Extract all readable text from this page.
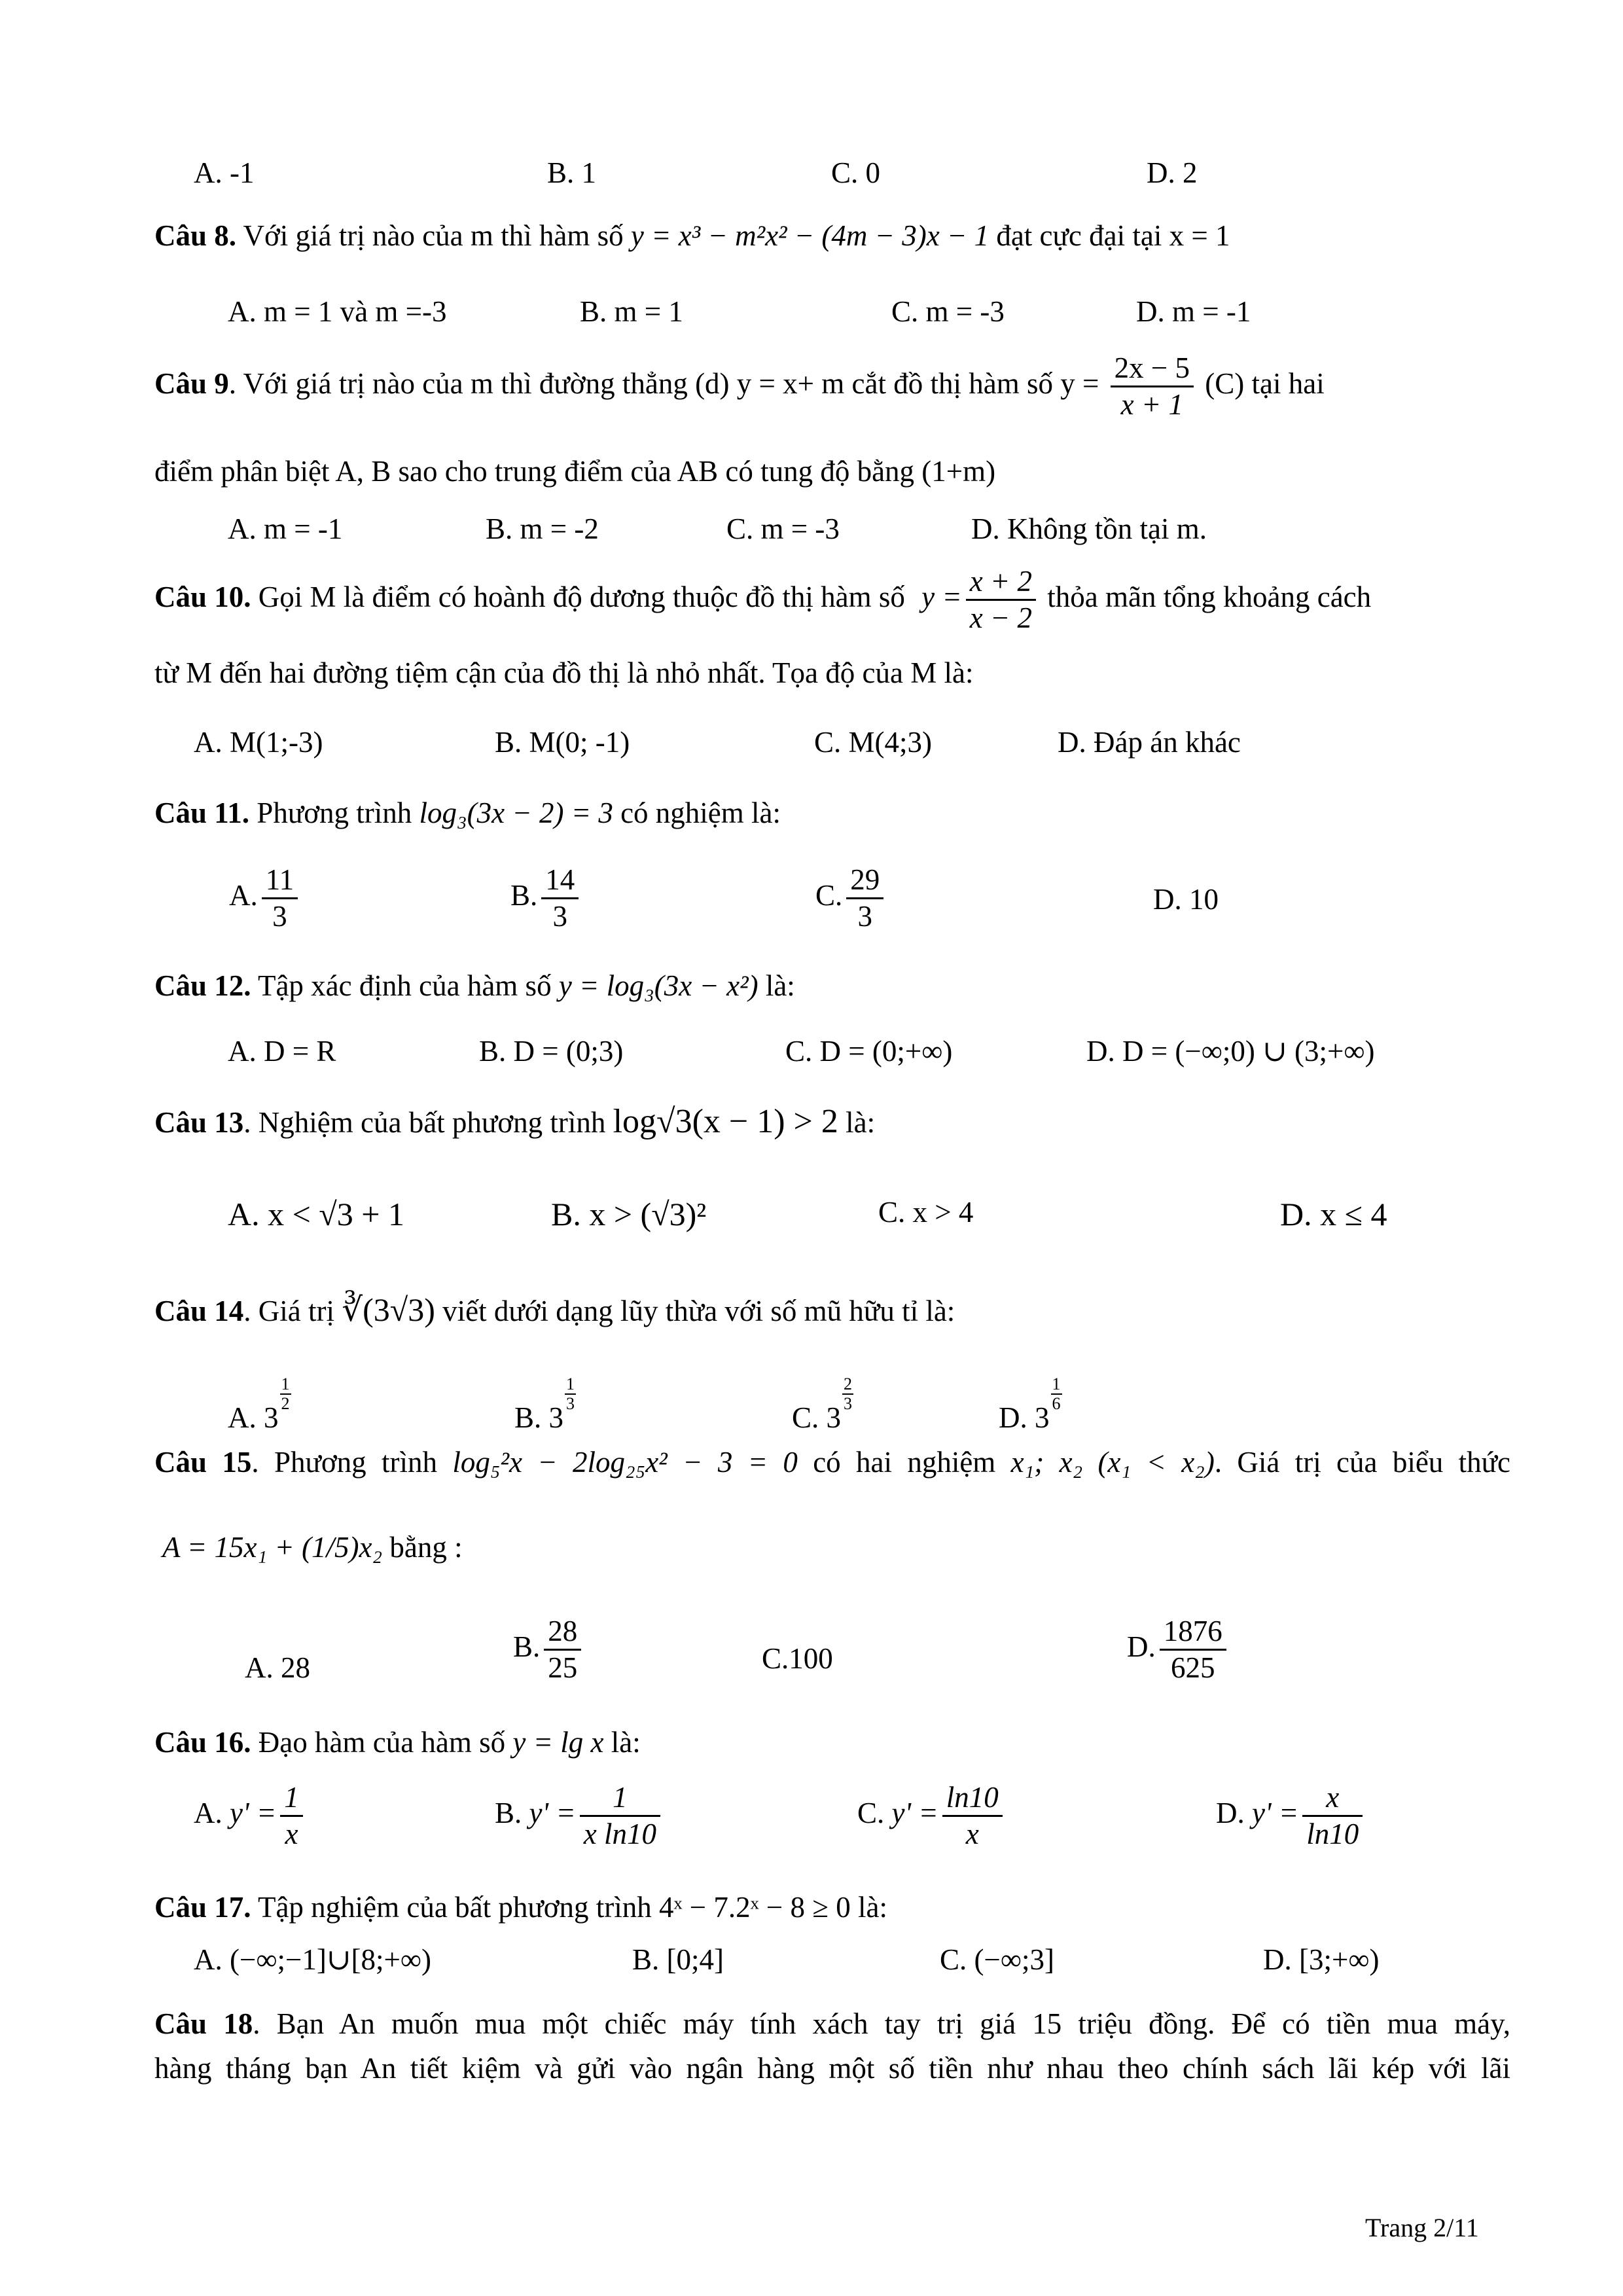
A. -1	B. 1	C. 0	D. 2
Câu 8. Với giá trị nào của m thì hàm số y = x³ − m²x² − (4m − 3)x − 1 đạt cực đại tại x = 1
A. m = 1 và m =-3	B. m = 1	C. m = -3	D. m = -1
Câu 9. Với giá trị nào của m thì đường thẳng (d) y = x+ m cắt đồ thị hàm số $y = \frac{2x - 5}{x + 1} (C)$ tại hai
điểm phân biệt A, B sao cho trung điểm của AB có tung độ bằng (1+m)
A. m = -1	B. m = -2	C. m = -3	D. Không tồn tại m.
Câu 10. Gọi M là điểm có hoành độ dương thuộc đồ thị hàm số $y = \frac{x + 2}{x - 2}$ thỏa mãn tổng khoảng cách
từ M đến hai đường tiệm cận của đồ thị là nhỏ nhất. Tọa độ của M là:
A. M(1;-3)	B. M(0; -1)	C. M(4;3)	D. Đáp án khác
Câu 11. Phương trình log₃(3x − 2) = 3 có nghiệm là:
A. $\frac{11}{3}$	B. $\frac{14}{3}$	C. $\frac{29}{3}$	D. 10
Câu 12. Tập xác định của hàm số y = log₃(3x − x²) là:
A. D = R	B. D = (0;3)	C. D = (0;+∞)	D. D = (−∞;0) ∪ (3;+∞)
Câu 13. Nghiệm của bất phương trình log√3(x − 1) > 2 là:
A. x < √3 + 1	B. x > (√3)²	C. x > 4	D. x ≤ 4
Câu 14. Giá trị ∛(3√3) viết dưới dạng lũy thừa với số mũ hữu tỉ là:
A. 3
$\frac{1}{2}$
B. 3
$\frac{1}{3}$
C. 3
$\frac{2}{3}$
D. 3
$\frac{1}{6}$
Câu 15. Phương trình log₅²x − 2log₂₅x² − 3 = 0 có hai nghiệm x₁; x₂ (x₁ < x₂). Giá trị của biểu thức
A = 15x₁ + (1/5)x₂ bằng :
A. 28
B. $\frac{28}{25}$	C.100	D. $\frac{1876}{625}$
Câu 16. Đạo hàm của hàm số y = lg x là:
A. $y' = \frac{1}{x}$	B. $y' = \frac{1}{\text{x ln10}}$	C. $y' = \frac{\ln 10}{x}$	D. $y' = \frac{x}{\ln 10}$
Câu 17. Tập nghiệm của bất phương trình 4ˣ − 7.2ˣ − 8 ≥ 0 là:
A. (−∞;−1]∪[8;+∞)	B. [0;4]	C. (−∞;3]	D. [3;+∞)
Câu 18. Bạn An muốn mua một chiếc máy tính xách tay trị giá 15 triệu đồng. Để có tiền mua máy,
hàng tháng bạn An tiết kiệm và gửi vào ngân hàng một số tiền như nhau theo chính sách lãi kép với lãi
Trang 2/11
